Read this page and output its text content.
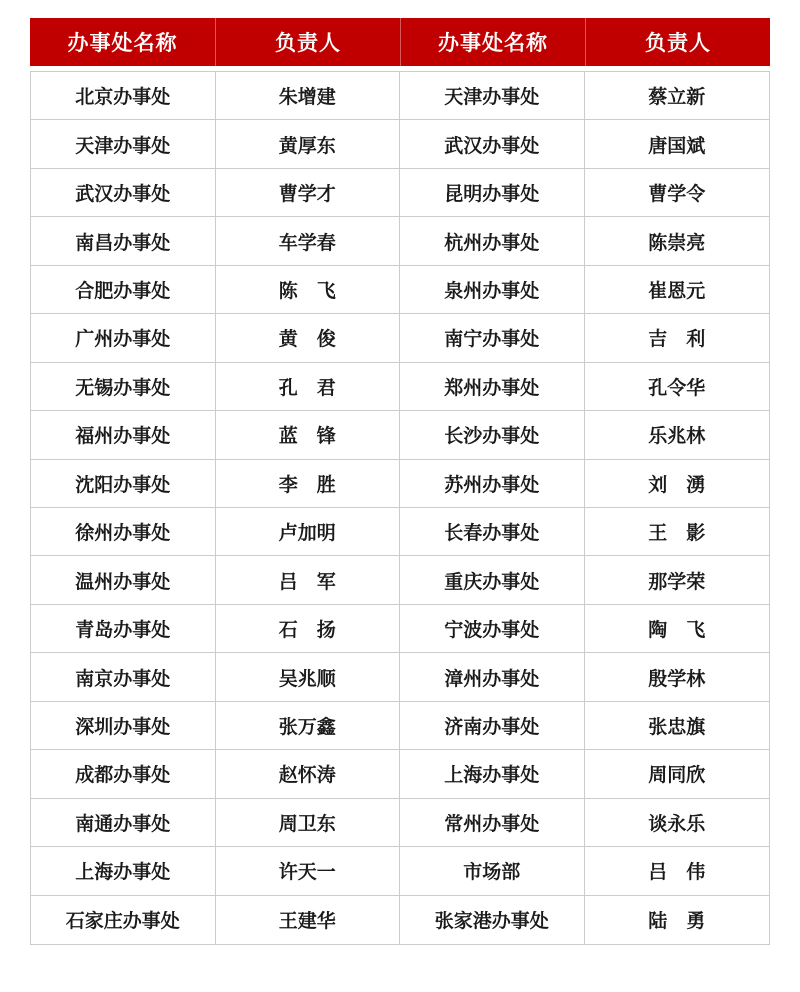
办事处名称	负责人	办事处名称	负责人
北京办事处	朱增建	天津办事处	蔡立新
天津办事处	黄厚东	武汉办事处	唐国斌
武汉办事处	曹学才	昆明办事处	曹学令
南昌办事处	车学春	杭州办事处	陈崇亮
合肥办事处	陈　飞	泉州办事处	崔恩元
广州办事处	黄　俊	南宁办事处	吉　利
无锡办事处	孔　君	郑州办事处	孔令华
福州办事处	蓝　锋	长沙办事处	乐兆林
沈阳办事处	李　胜	苏州办事处	刘　湧
徐州办事处	卢加明	长春办事处	王　影
温州办事处	吕　军	重庆办事处	那学荣
青岛办事处	石　扬	宁波办事处	陶　飞
南京办事处	吴兆顺	漳州办事处	殷学林
深圳办事处	张万鑫	济南办事处	张忠旗
成都办事处	赵怀涛	上海办事处	周同欣
南通办事处	周卫东	常州办事处	谈永乐
上海办事处	许天一	市场部	吕　伟
石家庄办事处	王建华	张家港办事处	陆　勇
